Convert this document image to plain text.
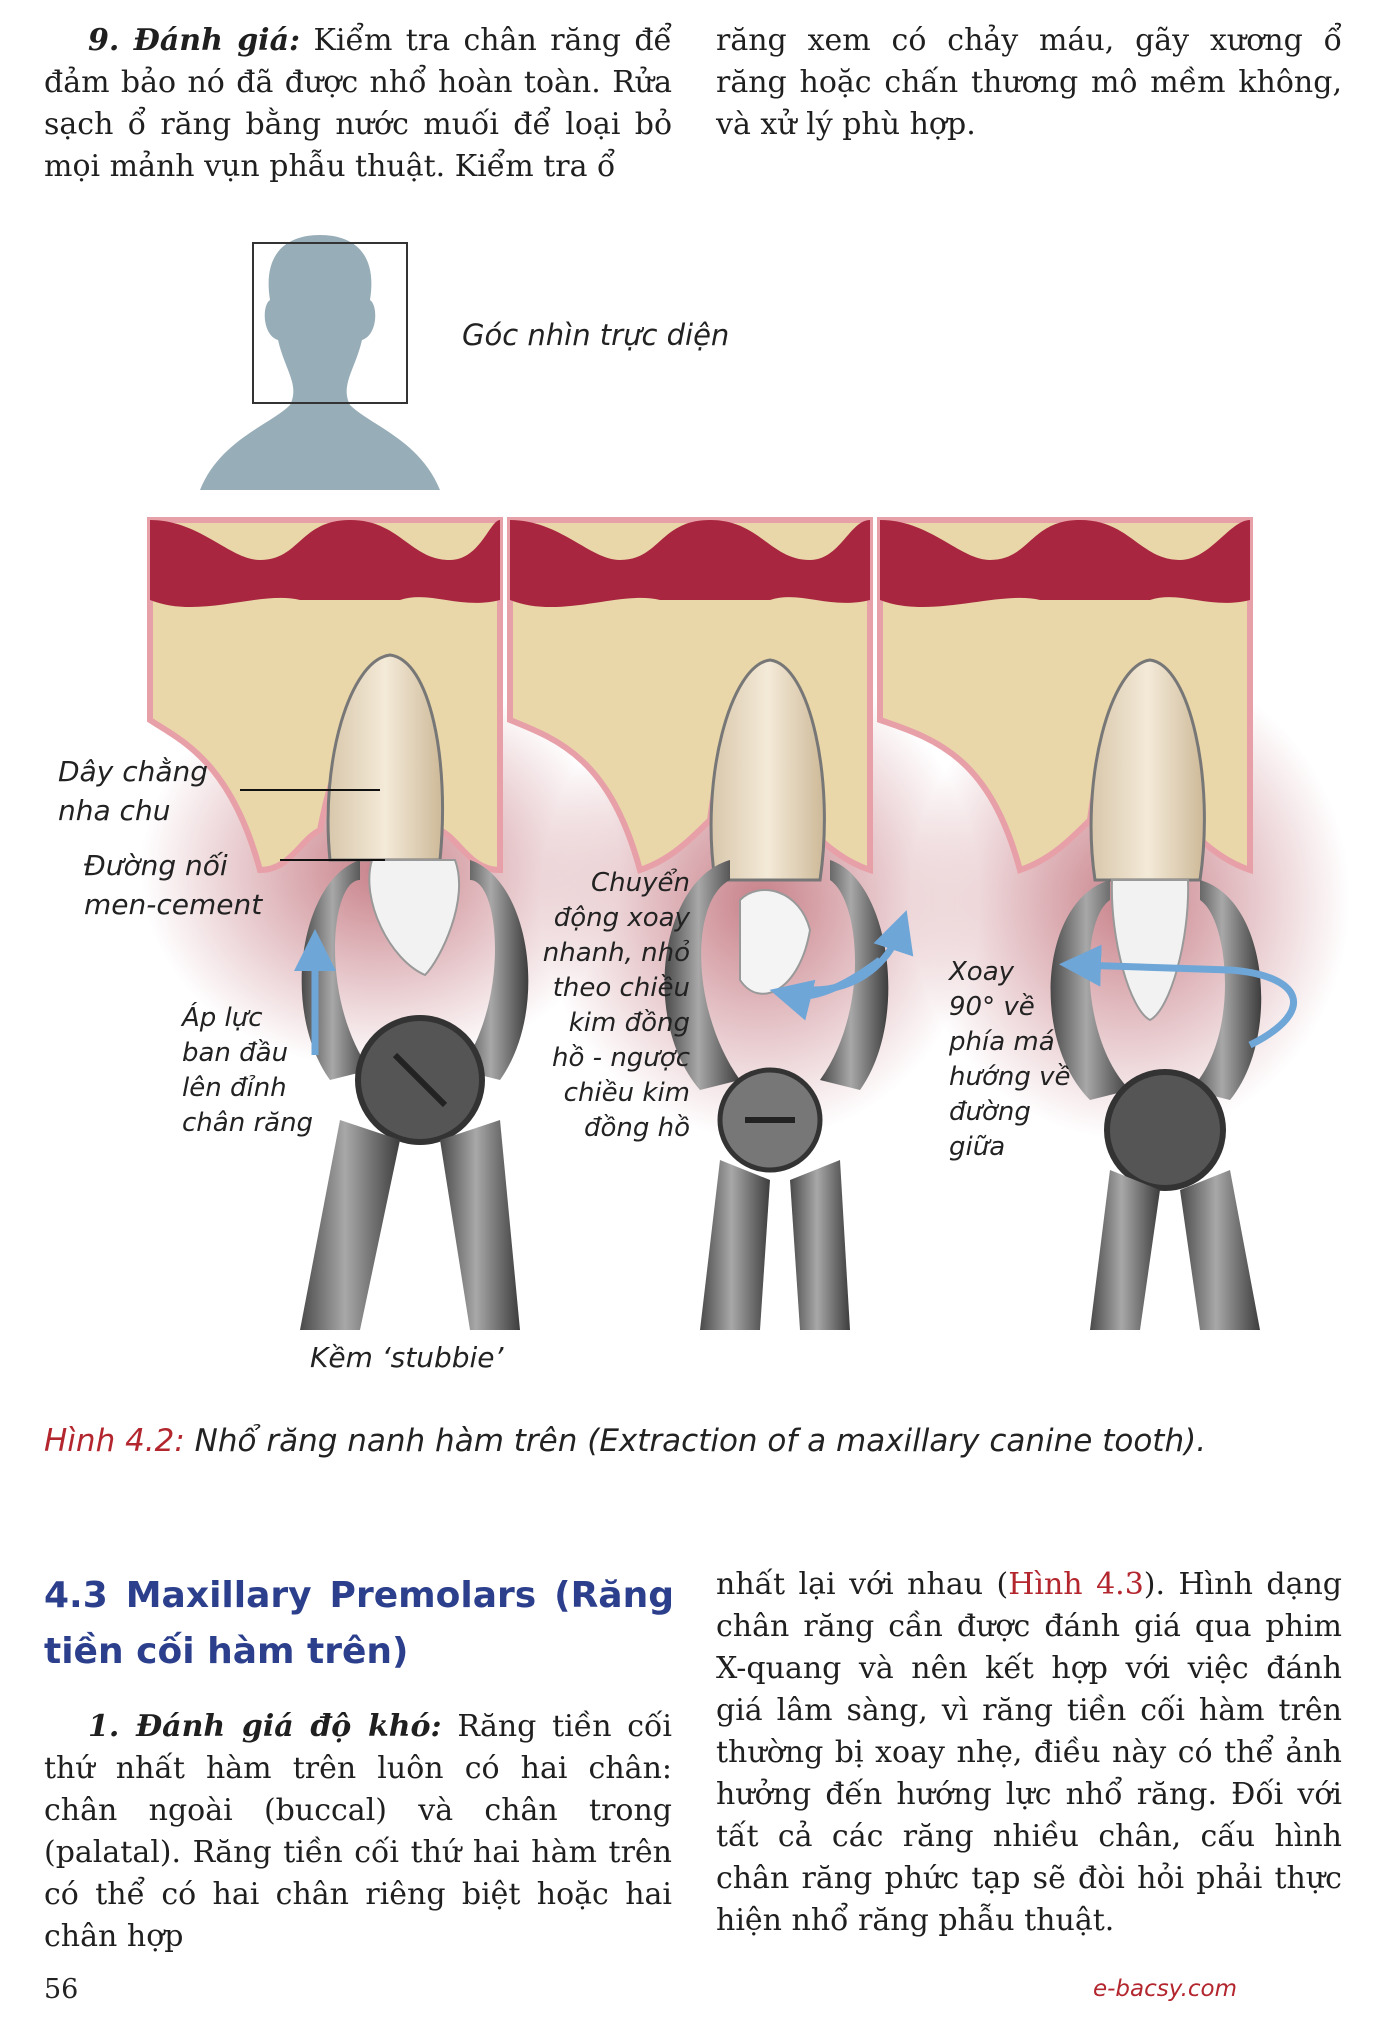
9. Đánh giá: Kiểm tra chân răng để đảm bảo nó đã được nhổ hoàn toàn. Rửa sạch ổ răng bằng nước muối để loại bỏ mọi mảnh vụn phẫu thuật. Kiểm tra ổ

răng xem có chảy máu, gãy xương ổ răng hoặc chấn thương mô mềm không, và xử lý phù hợp.

Góc nhìn trực diện
Dây chằng
nha chu
Đường nối
men-cement
Áp lực
ban đầu
lên đỉnh
chân răng
Chuyển
động xoay
nhanh, nhỏ
theo chiều
kim đồng
hồ - ngược
chiều kim
đồng hồ
Xoay
90° về
phía má
hướng về
đường
giữa
Kềm ‘stubbie’
Hình 4.2: Nhổ răng nanh hàm trên (Extraction of a maxillary canine tooth).
4.3 Maxillary Premolars (Răng tiền cối hàm trên)

1. Đánh giá độ khó: Răng tiền cối thứ nhất hàm trên luôn có hai chân: chân ngoài (buccal) và chân trong (palatal). Răng tiền cối thứ hai hàm trên có thể có hai chân riêng biệt hoặc hai chân hợp

nhất lại với nhau (Hình 4.3). Hình dạng chân răng cần được đánh giá qua phim X-quang và nên kết hợp với việc đánh giá lâm sàng, vì răng tiền cối hàm trên thường bị xoay nhẹ, điều này có thể ảnh hưởng đến hướng lực nhổ răng. Đối với tất cả các răng nhiều chân, cấu hình chân răng phức tạp sẽ đòi hỏi phải thực hiện nhổ răng phẫu thuật.

56	e-bacsy.com
